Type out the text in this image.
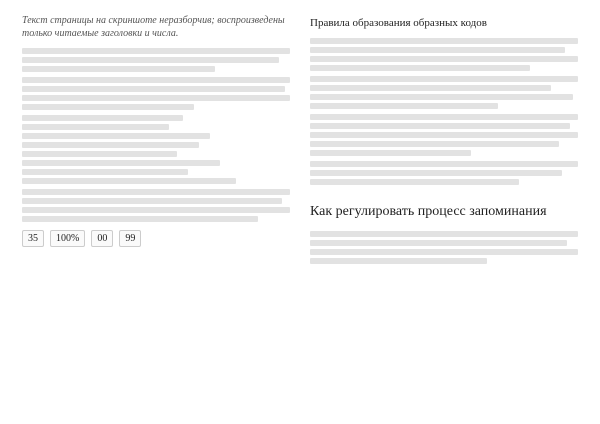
Текст страницы на скриншоте неразборчив; воспроизведены только читаемые заголовки и числа.
35	100%	00	99
Правила образования образных кодов
Как регулировать процесс запоминания
